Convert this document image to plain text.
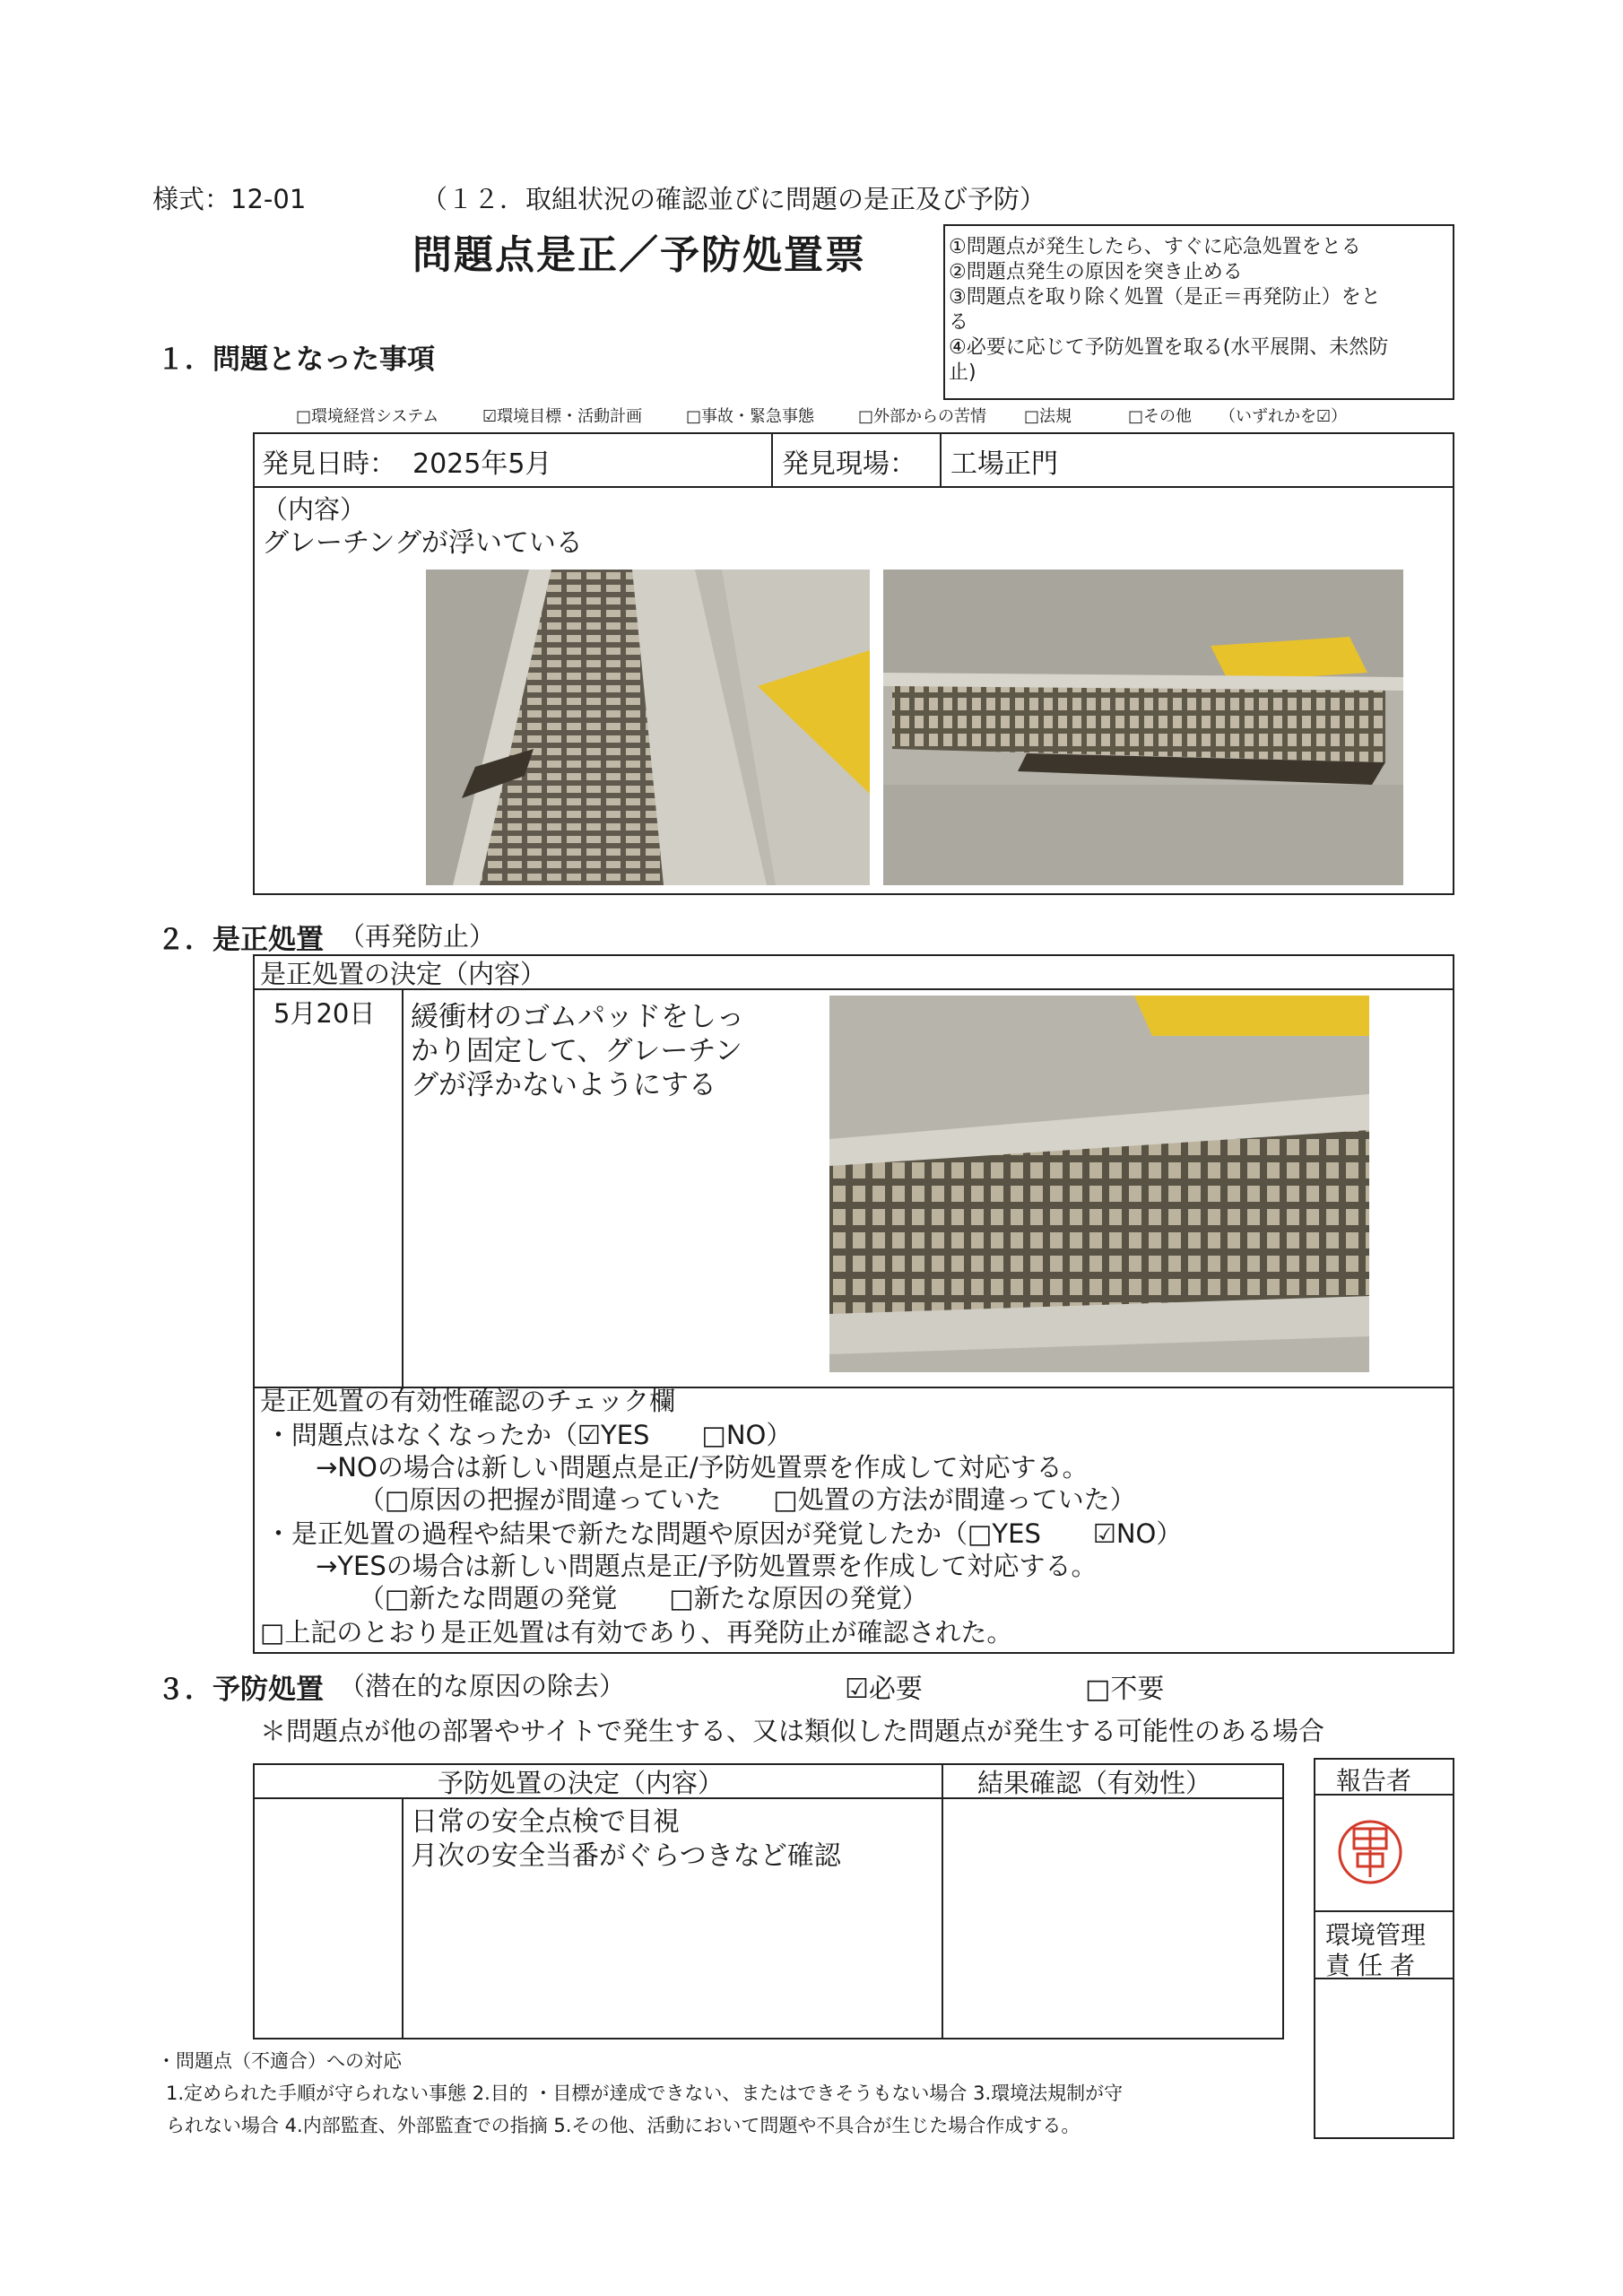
様式：12-01	（１２．取組状況の確認並びに問題の是正及び予防）
問題点是正／予防処置票	①問題点が発生したら、すぐに応急処置をとる
②問題点発生の原因を突き止める
③問題点を取り除く処置（是正＝再発防止）をと
る
④必要に応じて予防処置を取る(水平展開、未然防
止)
１．問題となった事項
□環境経営システム	☑環境目標・活動計画	□事故・緊急事態	□外部からの苦情 □法規	□その他 （いずれかを☑）
発見日時： 2025年5月	発見現場： 工場正門
（内容）
グレーチングが浮いている
２．是正処置 （再発防止）
是正処置の決定（内容）
5月20日 緩衝材のゴムパッドをしっ
かり固定して、グレーチン
グが浮かないようにする
是正処置の有効性確認のチェック欄
・問題点はなくなったか（☑YES　　□NO）
→NOの場合は新しい問題点是正/予防処置票を作成して対応する。
（□原因の把握が間違っていた　　□処置の方法が間違っていた）
・是正処置の過程や結果で新たな問題や原因が発覚したか（□YES　　☑NO）
→YESの場合は新しい問題点是正/予防処置票を作成して対応する。
（□新たな問題の発覚　　□新たな原因の発覚）
□上記のとおり是正処置は有効であり、再発防止が確認された。
３．予防処置 （潜在的な原因の除去）	☑必要	□不要
＊問題点が他の部署やサイトで発生する、又は類似した問題点が発生する可能性のある場合
予防処置の決定（内容）	結果確認（有効性）
日常の安全点検で目視
月次の安全当番がぐらつきなど確認
報告者
環境管理
責任者
・問題点（不適合）への対応
1.定められた手順が守られない事態 2.目的 ・目標が達成できない、またはできそうもない場合 3.環境法規制が守
られない場合 4.内部監査、外部監査での指摘 5.その他、活動において問題や不具合が生じた場合作成する。
